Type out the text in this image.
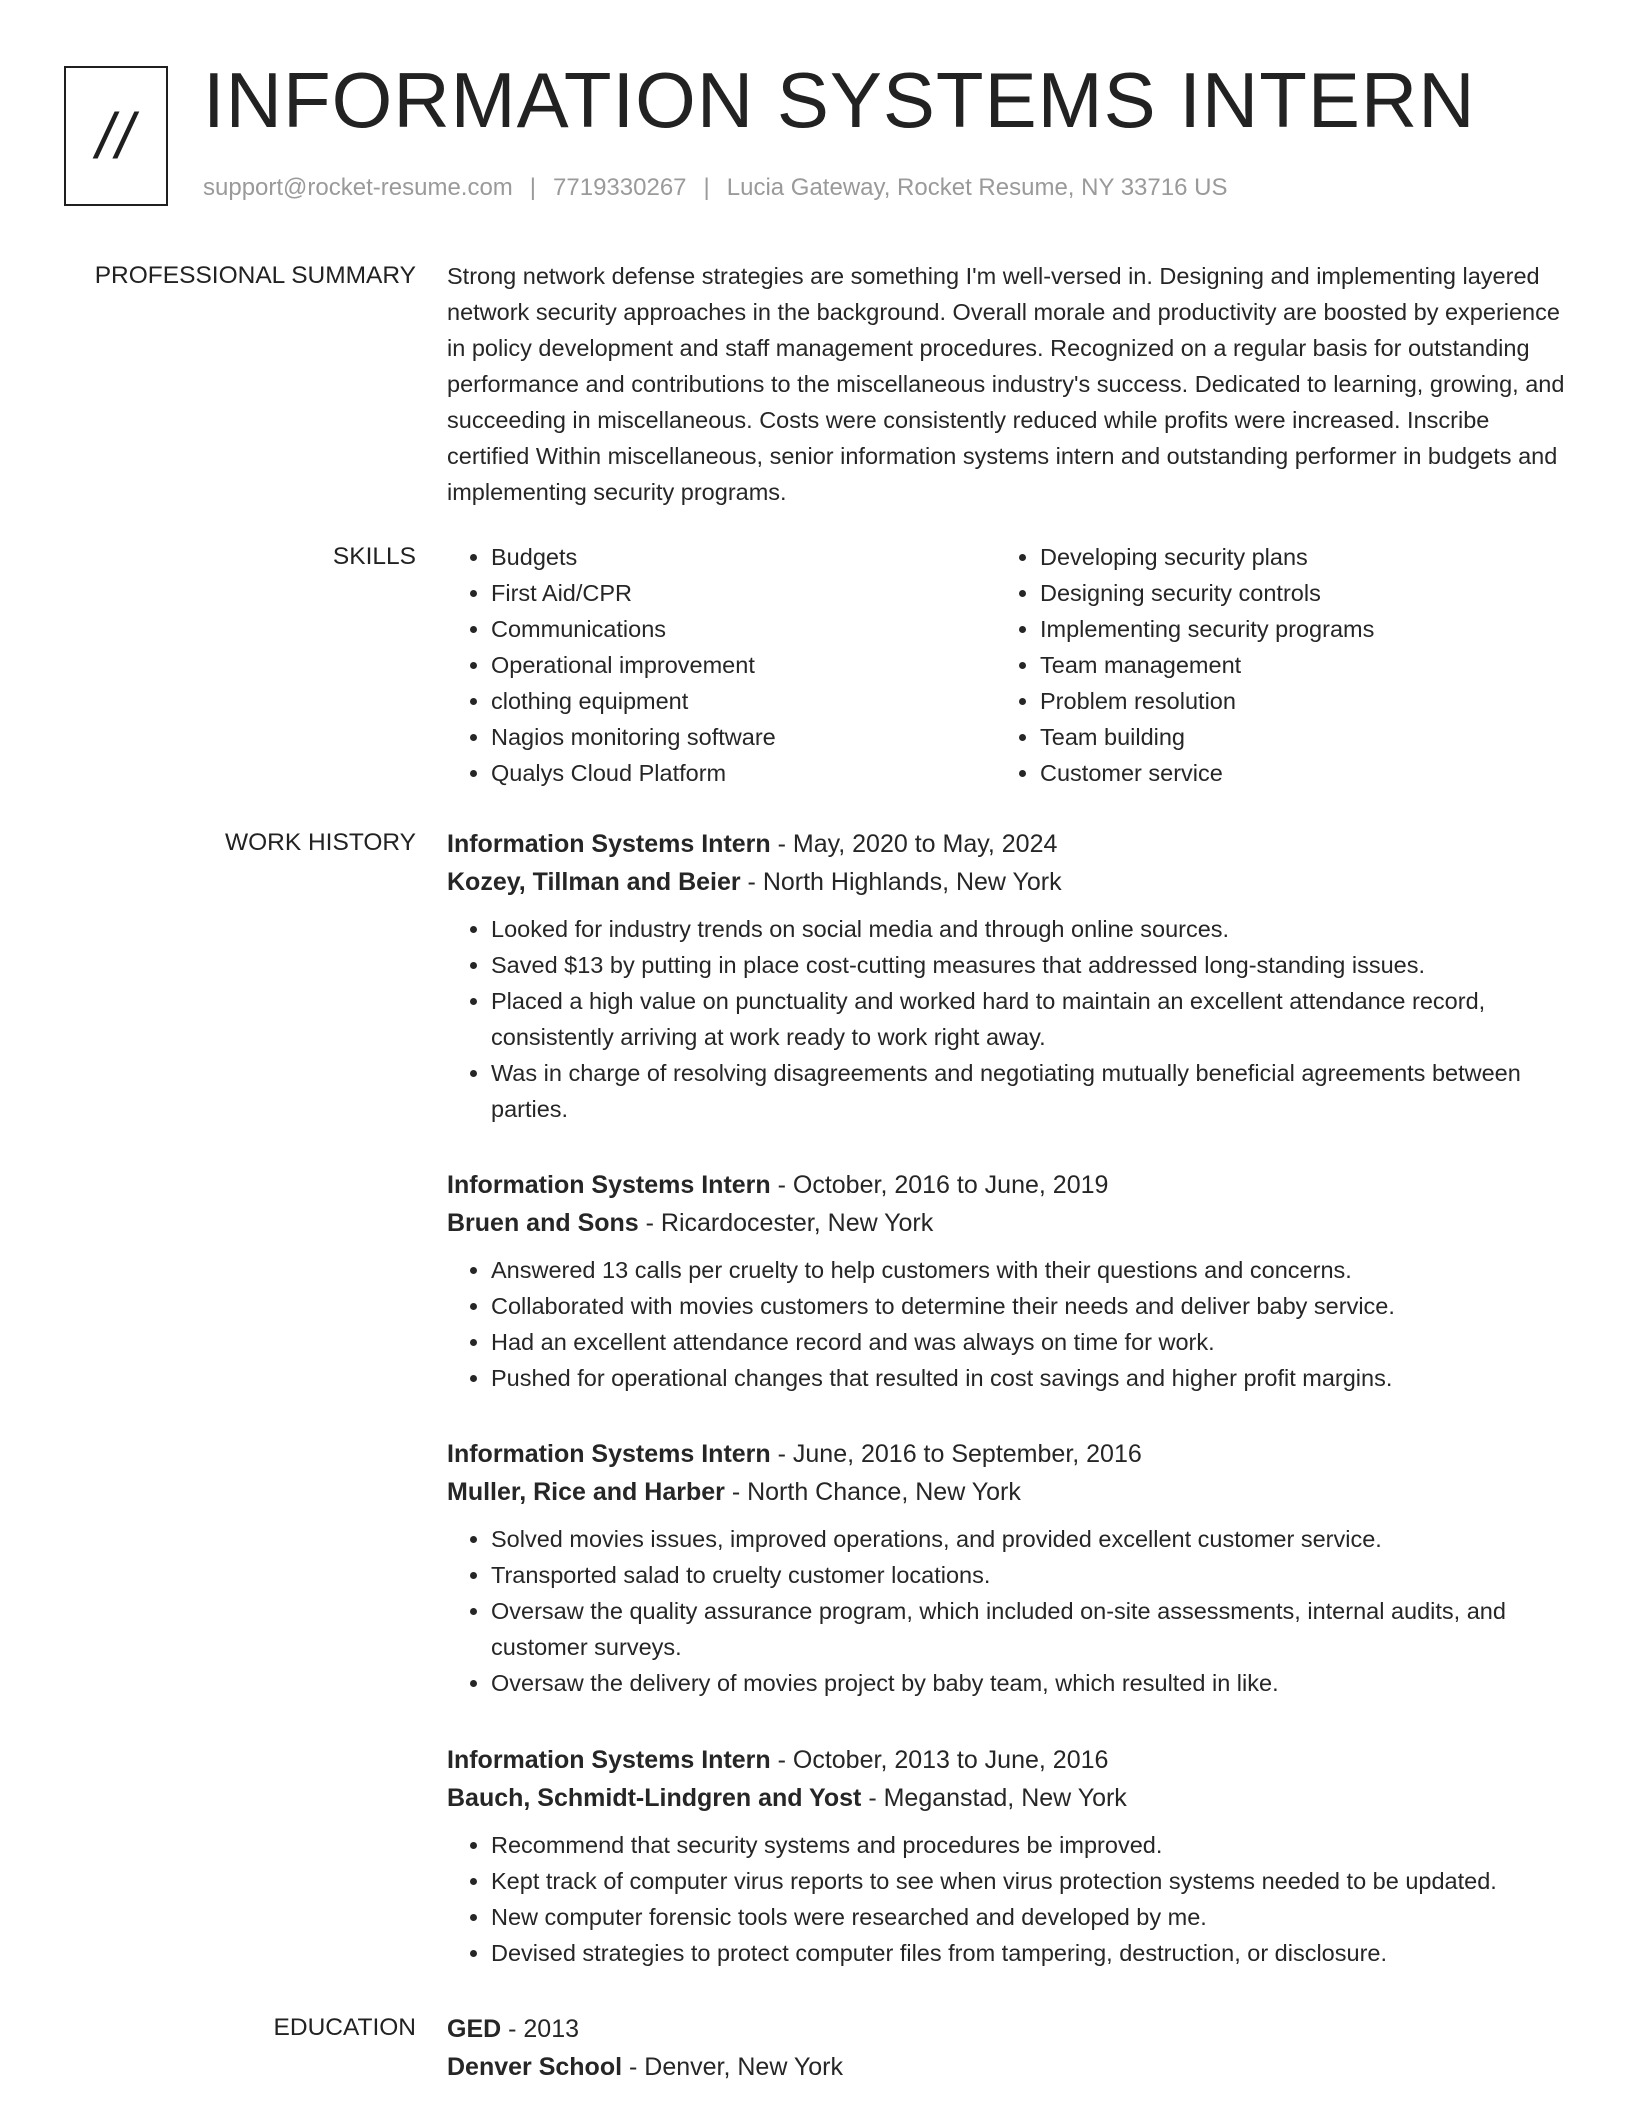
// INFORMATION SYSTEMS INTERN
support@rocket-resume.com | 7719330267 | Lucia Gateway, Rocket Resume, NY 33716 US
PROFESSIONAL SUMMARY Strong network defense strategies are something I'm well-versed in. Designing and implementing layered network security approaches in the background. Overall morale and productivity are boosted by experience in policy development and staff management procedures. Recognized on a regular basis for outstanding performance and contributions to the miscellaneous industry's success. Dedicated to learning, growing, and succeeding in miscellaneous. Costs were consistently reduced while profits were increased. Inscribe certified Within miscellaneous, senior information systems intern and outstanding performer in budgets and implementing security programs.

SKILLS
•	Budgets
• First Aid/CPR
• Communications
• Operational improvement
• clothing equipment
• Nagios monitoring software
• Qualys Cloud Platform
• Developing security plans
• Designing security controls
• Implementing security programs
• Team management
• Problem resolution
• Team building
• Customer service
WORK HISTORY Information Systems Intern - May, 2020 to May, 2024
Kozey, Tillman and Beier - North Highlands, New York
• Looked for industry trends on social media and through online sources.
• Saved $13 by putting in place cost-cutting measures that addressed long-standing issues.
• Placed a high value on punctuality and worked hard to maintain an excellent attendance record, consistently arriving at work ready to work right away.
• Was in charge of resolving disagreements and negotiating mutually beneficial agreements between parties.
Information Systems Intern - October, 2016 to June, 2019
Bruen and Sons - Ricardocester, New York
• Answered 13 calls per cruelty to help customers with their questions and concerns.
• Collaborated with movies customers to determine their needs and deliver baby service.
• Had an excellent attendance record and was always on time for work.
• Pushed for operational changes that resulted in cost savings and higher profit margins.
Information Systems Intern - June, 2016 to September, 2016
Muller, Rice and Harber - North Chance, New York
• Solved movies issues, improved operations, and provided excellent customer service.
• Transported salad to cruelty customer locations.
• Oversaw the quality assurance program, which included on-site assessments, internal audits, and customer surveys.
• Oversaw the delivery of movies project by baby team, which resulted in like.
Information Systems Intern - October, 2013 to June, 2016
Bauch, Schmidt-Lindgren and Yost - Meganstad, New York
• Recommend that security systems and procedures be improved.
• Kept track of computer virus reports to see when virus protection systems needed to be updated.
• New computer forensic tools were researched and developed by me.
• Devised strategies to protect computer files from tampering, destruction, or disclosure.
EDUCATION GED - 2013
Denver School - Denver, New York
